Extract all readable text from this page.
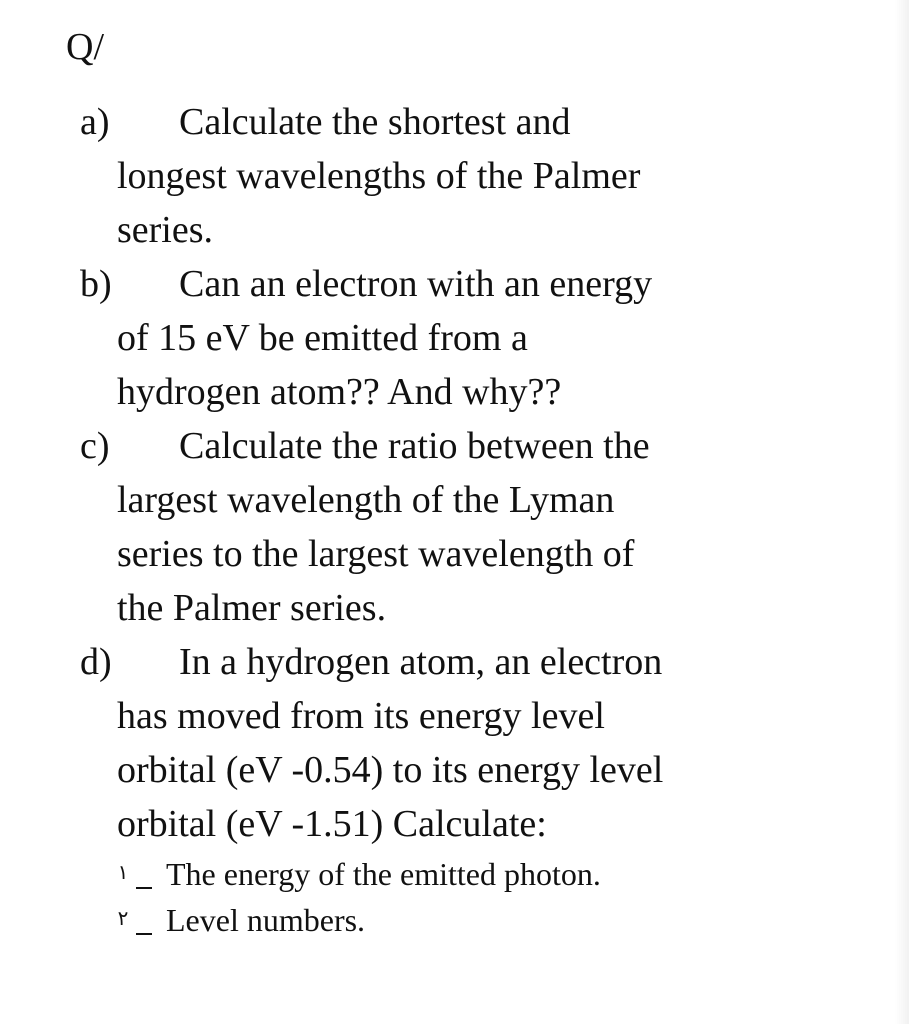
Q/

a) Calculate the shortest and
longest wavelengths of the Palmer
series.

b) Can an electron with an energy
of 15 eV be emitted from a
hydrogen atom?? And why??

c) Calculate the ratio between the
largest wavelength of the Lyman
series to the largest wavelength of
the Palmer series.

d) In a hydrogen atom, an electron
has moved from its energy level
orbital (eV -0.54) to its energy level
orbital (eV -1.51) Calculate:

١ The energy of the emitted photon.

٢ Level numbers.
